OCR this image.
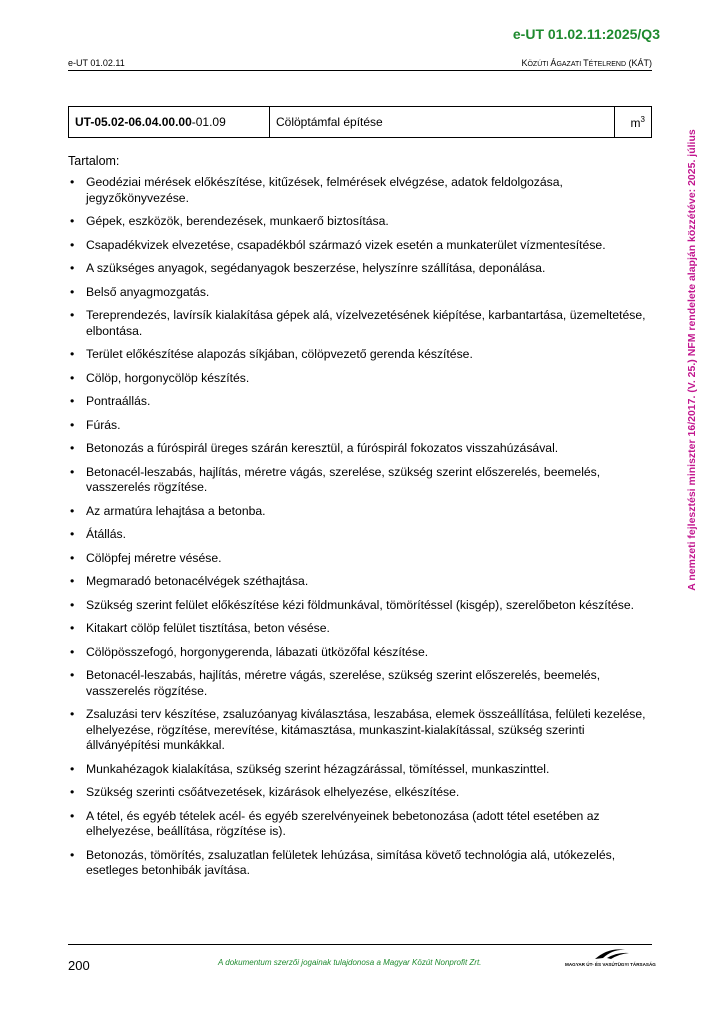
e-UT 01.02.11:2025/Q3
e-UT 01.02.11	KÖZÚTI ÁGAZATI TÉTELREND (KÁT)
UT-05.02-06.04.00.00-01.09	Cölöptámfal építése	$m^3$
Tartalom:
• Geodéziai mérések előkészítése, kitűzések, felmérések elvégzése, adatok feldolgozása, jegyzőkönyvezése.
• Gépek, eszközök, berendezések, munkaerő biztosítása.
• Csapadékvizek elvezetése, csapadékból származó vizek esetén a munkaterület vízmentesítése.
• A szükséges anyagok, segédanyagok beszerzése, helyszínre szállítása, deponálása.
• Belső anyagmozgatás.
• Tereprendezés, lavírsík kialakítása gépek alá, vízelvezetésének kiépítése, karbantartása, üzemeltetése, elbontása.
• Terület előkészítése alapozás síkjában, cölöpvezető gerenda készítése.
• Cölöp, horgonycölöp készítés.
• Pontraállás.
• Fúrás.
• Betonozás a fúróspirál üreges szárán keresztül, a fúróspirál fokozatos visszahúzásával.
• Betonacél-leszabás, hajlítás, méretre vágás, szerelése, szükség szerint előszerelés, beemelés, vasszerelés rögzítése.
• Az armatúra lehajtása a betonba.
• Átállás.
• Cölöpfej méretre vésése.
• Megmaradó betonacélvégek széthajtása.
• Szükség szerint felület előkészítése kézi földmunkával, tömörítéssel (kisgép), szerelőbeton készítése.
• Kitakart cölöp felület tisztítása, beton vésése.
• Cölöpösszefogó, horgonygerenda, lábazati ütközőfal készítése.
• Betonacél-leszabás, hajlítás, méretre vágás, szerelése, szükség szerint előszerelés, beemelés, vasszerelés rögzítése.
• Zsaluzási terv készítése, zsaluzóanyag kiválasztása, leszabása, elemek összeállítása, felületi kezelése, elhelyezése, rögzítése, merevítése, kitámasztása, munkaszint-kialakítással, szükség szerinti állványépítési munkákkal.
• Munkahézagok kialakítása, szükség szerint hézagzárással, tömítéssel, munkaszinttel.
• Szükség szerinti csőátvezetések, kizárások elhelyezése, elkészítése.
• A tétel, és egyéb tételek acél- és egyéb szerelvényeinek bebetonozása (adott tétel esetében az elhelyezése, beállítása, rögzítése is).
• Betonozás, tömörítés, zsaluzatlan felületek lehúzása, simítása követő technológia alá, utókezelés, esetleges betonhibák javítása.
A nemzeti fejlesztési miniszter 16/2017. (V. 25.) NFM rendelete alapján közzétéve: 2025. július
200	A dokumentum szerzői jogainak tulajdonosa a Magyar Közút Nonprofit Zrt.	MAGYAR ÚT- ÉS VASÚTÜGYI TÁRSASÁG
